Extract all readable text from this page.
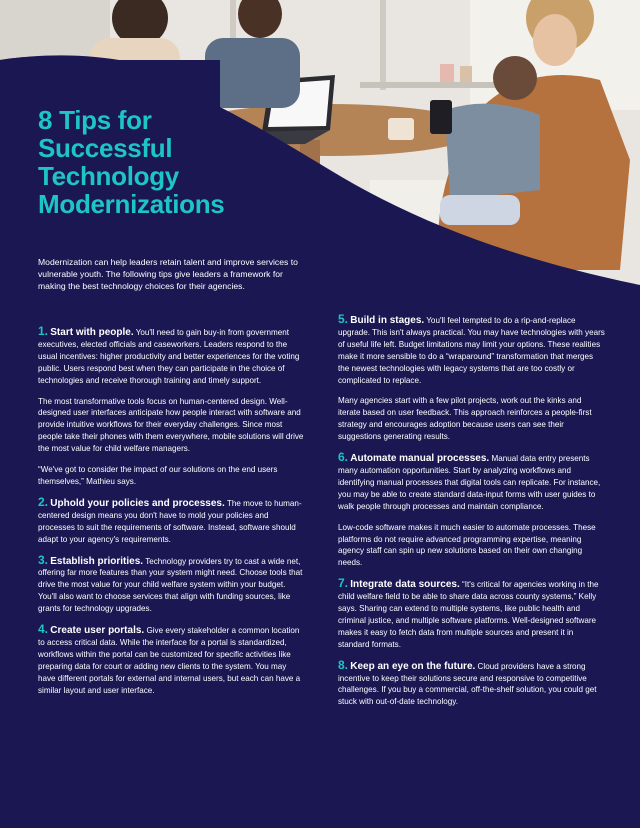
8 Tips for
Successful
Technology
Modernizations

Modernization can help leaders retain talent and improve services to vulnerable youth. The following tips give leaders a framework for making the best technology choices for their agencies.

1. Start with people. You'll need to gain buy-in from government executives, elected officials and caseworkers. Leaders respond to the usual incentives: higher productivity and better experiences for the voting public. Users respond best when they can participate in the choice of technologies and receive thorough training and timely support.

The most transformative tools focus on human-centered design. Well-designed user interfaces anticipate how people interact with software and provide intuitive workflows for their everyday challenges. Since most people take their phones with them everywhere, mobile solutions will drive the most value for child welfare managers.

“We've got to consider the impact of our solutions on the end users themselves,” Mathieu says.

2. Uphold your policies and processes. The move to human-centered design means you don't have to mold your policies and processes to suit the requirements of software. Instead, software should adapt to your agency's requirements.

3. Establish priorities. Technology providers try to cast a wide net, offering far more features than your system might need. Choose tools that drive the most value for your child welfare system within your budget. You'll also want to choose services that align with funding sources, like grants for technology upgrades.

4. Create user portals. Give every stakeholder a common location to access critical data. While the interface for a portal is standardized, workflows within the portal can be customized for specific activities like preparing data for court or adding new clients to the system. You may have different portals for external and internal users, but each can have a similar layout and user interface.

5. Build in stages. You'll feel tempted to do a rip-and-replace upgrade. This isn't always practical. You may have technologies with years of useful life left. Budget limitations may limit your options. These realities make it more sensible to do a “wraparound” transformation that merges the newest technologies with legacy systems that are too costly or complicated to replace.

Many agencies start with a few pilot projects, work out the kinks and iterate based on user feedback. This approach reinforces a people-first strategy and encourages adoption because users can see their suggestions generating results.

6. Automate manual processes. Manual data entry presents many automation opportunities. Start by analyzing workflows and identifying manual processes that digital tools can replicate. For instance, you may be able to create standard data-input forms with user guides to walk people through processes and maintain compliance.

Low-code software makes it much easier to automate processes. These platforms do not require advanced programming expertise, meaning agency staff can spin up new solutions based on their own changing needs.

7. Integrate data sources. “It's critical for agencies working in the child welfare field to be able to share data across county systems,” Kelly says. Sharing can extend to multiple systems, like public health and criminal justice, and multiple software platforms. Well-designed software makes it easy to fetch data from multiple sources and present it in standard formats.

8. Keep an eye on the future. Cloud providers have a strong incentive to keep their solutions secure and responsive to competitive challenges. If you buy a commercial, off-the-shelf solution, you could get stuck with out-of-date technology.
